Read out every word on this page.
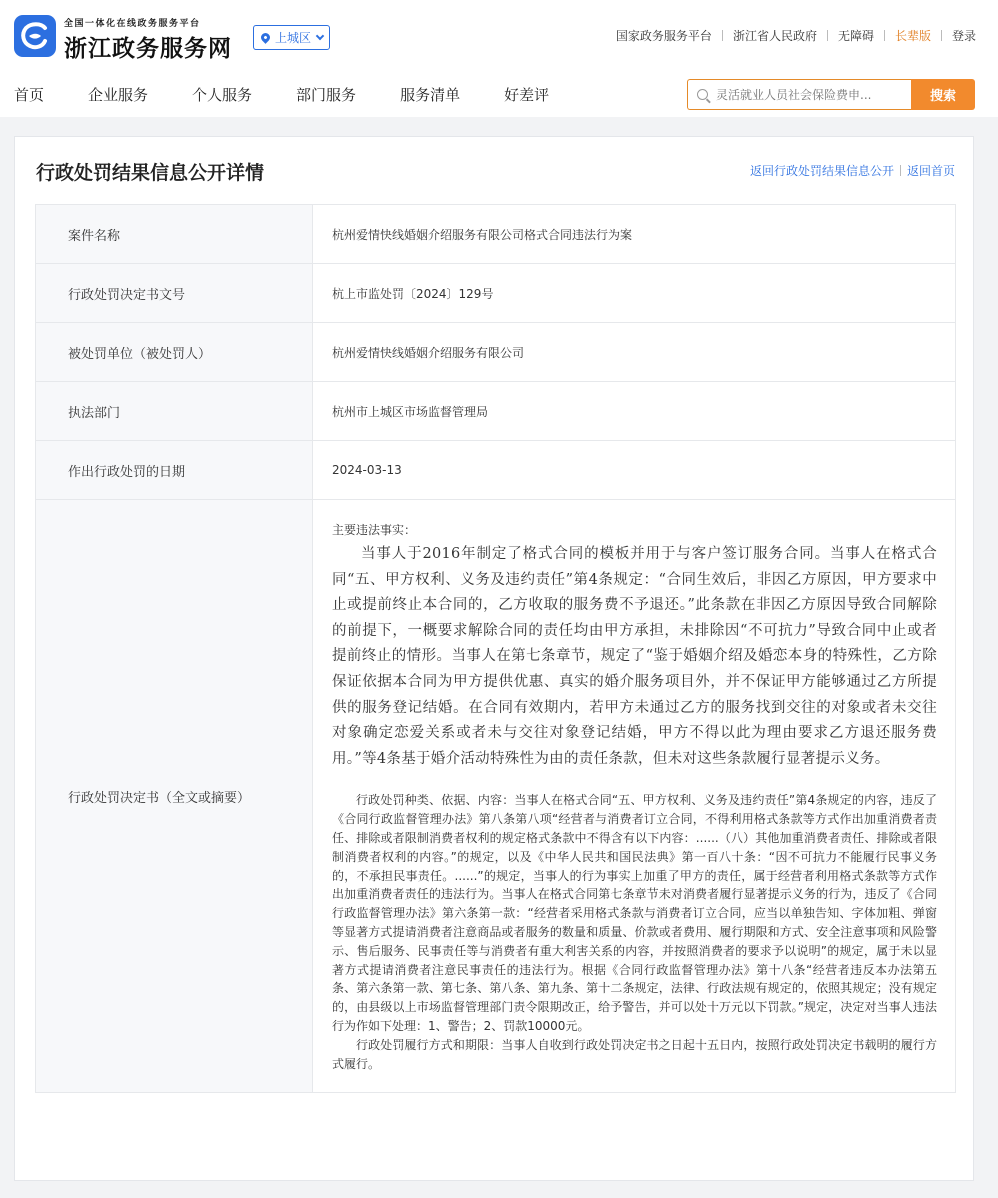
全国一体化在线政务服务平台
浙江政务服务网	上城区	国家政务服务平台 浙江省人民政府 无障碍 长辈版 登录
首页	企业服务	个人服务	部门服务	服务清单	好差评
灵活就业人员社会保险费申...	搜索
行政处罚结果信息公开详情	返回行政处罚结果信息公开 返回首页
案件名称	杭州爱情快线婚姻介绍服务有限公司格式合同违法行为案
行政处罚决定书文号	杭上市监处罚〔2024〕129号
被处罚单位（被处罚人）	杭州爱情快线婚姻介绍服务有限公司
执法部门	杭州市上城区市场监督管理局
作出行政处罚的日期	2024-03-13
行政处罚决定书（全文或摘要）	主要违法事实：
当事人于2016年制定了格式合同的模板并用于与客户签订服务合同。当事人在格式合同“五、甲方权利、义务及违约责任”第4条规定：“合同生效后，非因乙方原因，甲方要求中止或提前终止本合同的，乙方收取的服务费不予退还。”此条款在非因乙方原因导致合同解除的前提下，一概要求解除合同的责任均由甲方承担，未排除因“不可抗力”导致合同中止或者提前终止的情形。当事人在第七条章节，规定了“鉴于婚姻介绍及婚恋本身的特殊性，乙方除保证依据本合同为甲方提供优惠、真实的婚介服务项目外，并不保证甲方能够通过乙方所提供的服务登记结婚。在合同有效期内，若甲方未通过乙方的服务找到交往的对象或者未交往对象确定恋爱关系或者未与交往对象登记结婚，甲方不得以此为理由要求乙方退还服务费用。”等4条基于婚介活动特殊性为由的责任条款，但未对这些条款履行显著提示义务。
行政处罚种类、依据、内容：当事人在格式合同“五、甲方权利、义务及违约责任”第4条规定的内容，违反了《合同行政监督管理办法》第八条第八项“经营者与消费者订立合同，不得利用格式条款等方式作出加重消费者责任、排除或者限制消费者权利的规定格式条款中不得含有以下内容：......（八）其他加重消费者责任、排除或者限制消费者权利的内容。”的规定，以及《中华人民共和国民法典》第一百八十条：“因不可抗力不能履行民事义务的，不承担民事责任。......”的规定，当事人的行为事实上加重了甲方的责任，属于经营者利用格式条款等方式作出加重消费者责任的违法行为。当事人在格式合同第七条章节未对消费者履行显著提示义务的行为，违反了《合同行政监督管理办法》第六条第一款：“经营者采用格式条款与消费者订立合同，应当以单独告知、字体加粗、弹窗等显著方式提请消费者注意商品或者服务的数量和质量、价款或者费用、履行期限和方式、安全注意事项和风险警示、售后服务、民事责任等与消费者有重大利害关系的内容，并按照消费者的要求予以说明”的规定，属于未以显著方式提请消费者注意民事责任的违法行为。根据《合同行政监督管理办法》第十八条“经营者违反本办法第五条、第六条第一款、第七条、第八条、第九条、第十二条规定，法律、行政法规有规定的，依照其规定；没有规定的，由县级以上市场监督管理部门责令限期改正，给予警告，并可以处十万元以下罚款。”规定，决定对当事人违法行为作如下处理：1、警告；2、罚款10000元。
行政处罚履行方式和期限：当事人自收到行政处罚决定书之日起十五日内，按照行政处罚决定书载明的履行方式履行。
